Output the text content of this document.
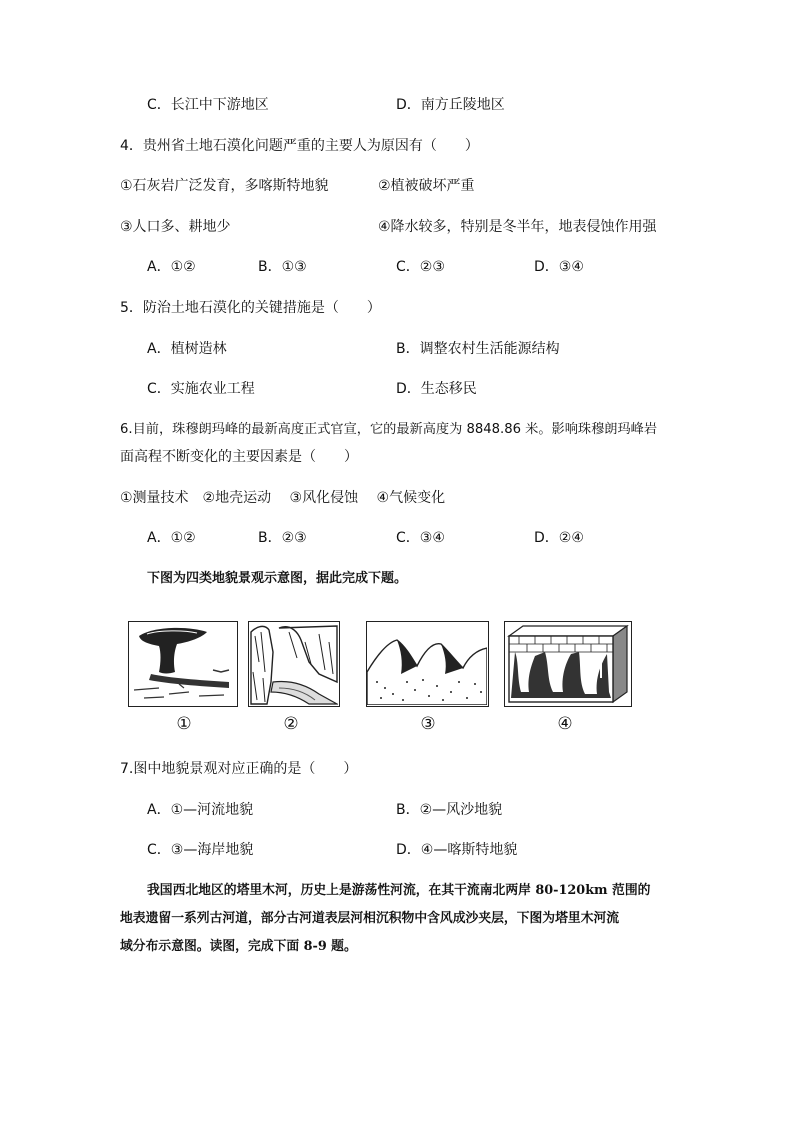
C．长江中下游地区	D．南方丘陵地区
4．贵州省土地石漠化问题严重的主要人为原因有（　　）
①石灰岩广泛发育，多喀斯特地貌	②植被破坏严重
③人口多、耕地少	④降水较多，特别是冬半年，地表侵蚀作用强
A．①②	B．①③	C．②③	D．③④
5．防治土地石漠化的关键措施是（　　）
A．植树造林	B．调整农村生活能源结构
C．实施农业工程	D．生态移民
6.目前，珠穆朗玛峰的最新高度正式官宣，它的最新高度为 8848.86 米。影响珠穆朗玛峰岩
面高程不断变化的主要因素是（　　）
①测量技术　②地壳运动　 ③风化侵蚀　 ④气候变化
A．①②	B．②③	C．③④	D．②④
下图为四类地貌景观示意图，据此完成下题。
①	②	③	④
7.图中地貌景观对应正确的是（　　）
A．①—河流地貌	B．②—风沙地貌
C．③—海岸地貌	D．④—喀斯特地貌
我国西北地区的塔里木河，历史上是游荡性河流，在其干流南北两岸 80-120km 范围的
地表遗留一系列古河道，部分古河道表层河相沉积物中含风成沙夹层，下图为塔里木河流
域分布示意图。读图，完成下面 8-9 题。
